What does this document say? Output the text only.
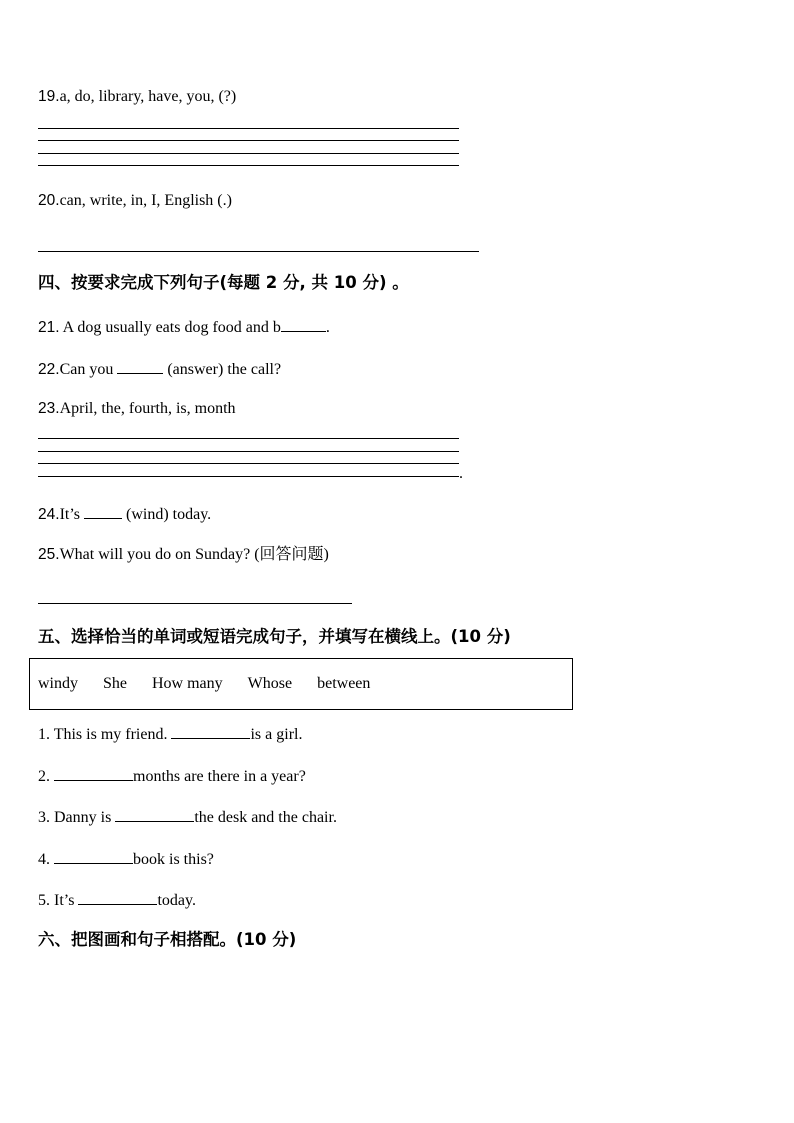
19.a, do, library, have, you, (?)
20.can, write, in, I, English (.)
四、按要求完成下列句子(每题 2 分, 共 10 分) 。
21. A dog usually eats dog food and b	.
22.Can you	(answer) the call?
23.April, the, fourth, is, month
.
24.It’s  (wind) today.
25.What will you do on Sunday? (回答问题)
五、选择恰当的单词或短语完成句子，并填写在横线上。(10 分)
windy She How many Whose between
1. This is my friend.	is a girl.
2.	months are there in a year?
3. Danny is	the desk and the chair.
4.	book is this?
5. It’s	today.
六、把图画和句子相搭配。(10 分)
